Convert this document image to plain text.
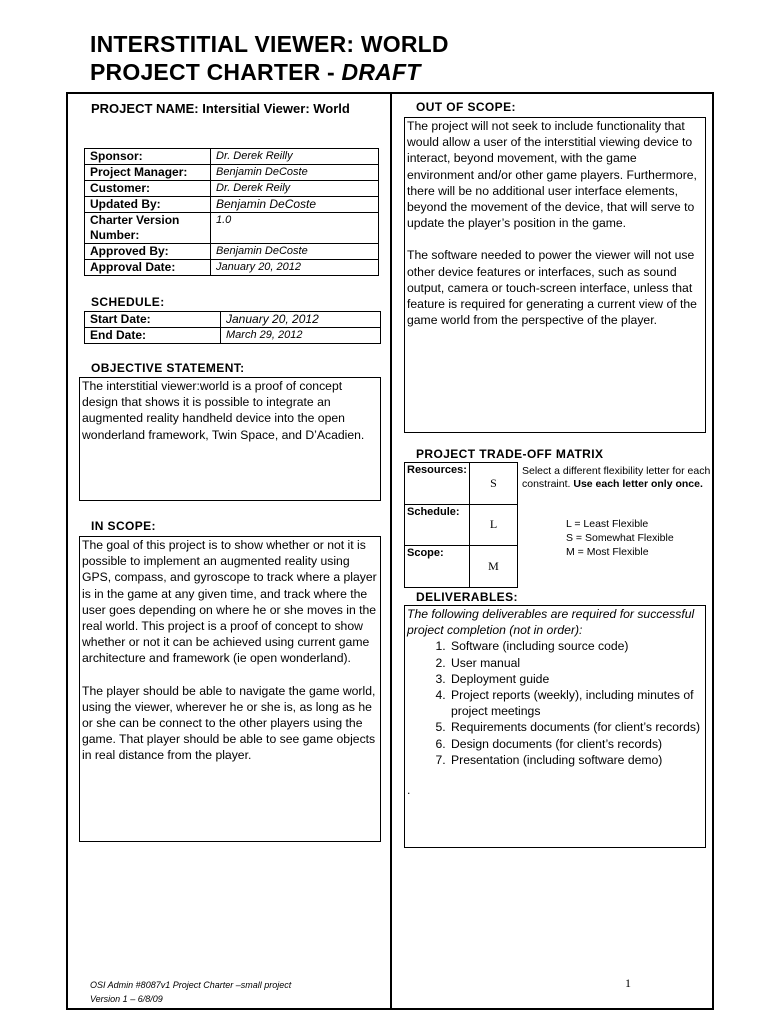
INTERSTITIAL VIEWER: WORLD
PROJECT CHARTER - DRAFT
PROJECT NAME: Intersitial Viewer: World
Sponsor:	Dr. Derek Reilly
Project Manager:	Benjamin DeCoste
Customer:	Dr. Derek Reily
Updated By:	Benjamin DeCoste
Charter Version Number:	1.0
Approved By:	Benjamin DeCoste
Approval Date:	January 20, 2012
SCHEDULE:
Start Date:	January 20, 2012
End Date:	March 29, 2012
OBJECTIVE STATEMENT:

The interstitial viewer:world is a proof of concept design that shows it is possible to integrate an augmented reality handheld device into the open wonderland framework, Twin Space, and D’Acadien.

IN SCOPE:

The goal of this project is to show whether or not it is possible to implement an augmented reality using GPS, compass, and gyroscope to track where a player is in the game at any given time, and track where the user goes depending on where he or she moves in the real world. This project is a proof of concept to show whether or not it can be achieved using current game architecture and framework (ie open wonderland).

The player should be able to navigate the game world, using the viewer, wherever he or she is, as long as he or she can be connect to the other players using the game. That player should be able to see game objects in real distance from the player.

OUT OF SCOPE:

The project will not seek to include functionality that would allow a user of the interstitial viewing device to interact, beyond movement, with the game environment and/or other game players. Furthermore, there will be no additional user interface elements, beyond the movement of the device, that will serve to update the player’s position in the game.

The software needed to power the viewer will not use other device features or interfaces, such as sound output, camera or touch-screen interface, unless that feature is required for generating a current view of the game world from the perspective of the player.

PROJECT TRADE-OFF MATRIX
Resources:	S
Schedule:	L
Scope:	M
Select a different flexibility letter for each constraint. Use each letter only once.
L = Least Flexible
S = Somewhat Flexible
M = Most Flexible
DELIVERABLES:
The following deliverables are required for successful project completion (not in order):
1. Software (including source code)
2. User manual
3. Deployment guide
4. Project reports (weekly), including minutes of project meetings
5. Requirements documents (for client’s records)
6. Design documents (for client’s records)
7. Presentation (including software demo)
.
OSI Admin #8087v1 Project Charter –small project
Version 1 – 6/8/09
1
